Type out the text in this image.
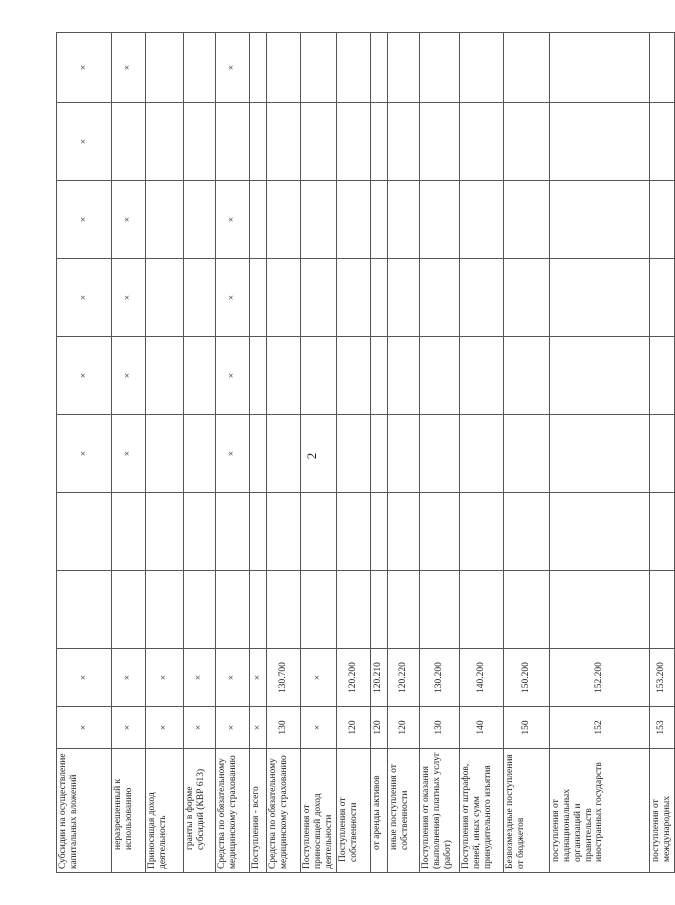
2
Субсидии на осуществление капитальных вложений	×	×			×	×	×	×	×	×
неразрешенный к использованию	×	×			×	×	×	×		×
Приносящая доход деятельность	×	×								
гранты в форме субсидий (КВР 613)	×	×								
Средства по обязательному медицинскому страхованию	×	×			×	×	×	×		×
Поступления - всего	×	×								
Средства по обязательному медицинскому страхованию	130	130.700								
Поступления от приносящей доход деятельности	×	×								
Поступления от собственности	120	120.200								
от аренды активов	120	120.210								
иные поступления от собственности	120	120.220								
Поступления от оказания (выполнения) платных услуг (работ)	130	130.200								
Поступления от штрафов, пеней, иных сумм принудительного изъятия	140	140.200								
Безвозмездные поступления от бюджетов	150	150.200								
поступления от наднациональных организаций и правительств иностранных государств	152	152.200								
поступления от международных	153	153.200								
